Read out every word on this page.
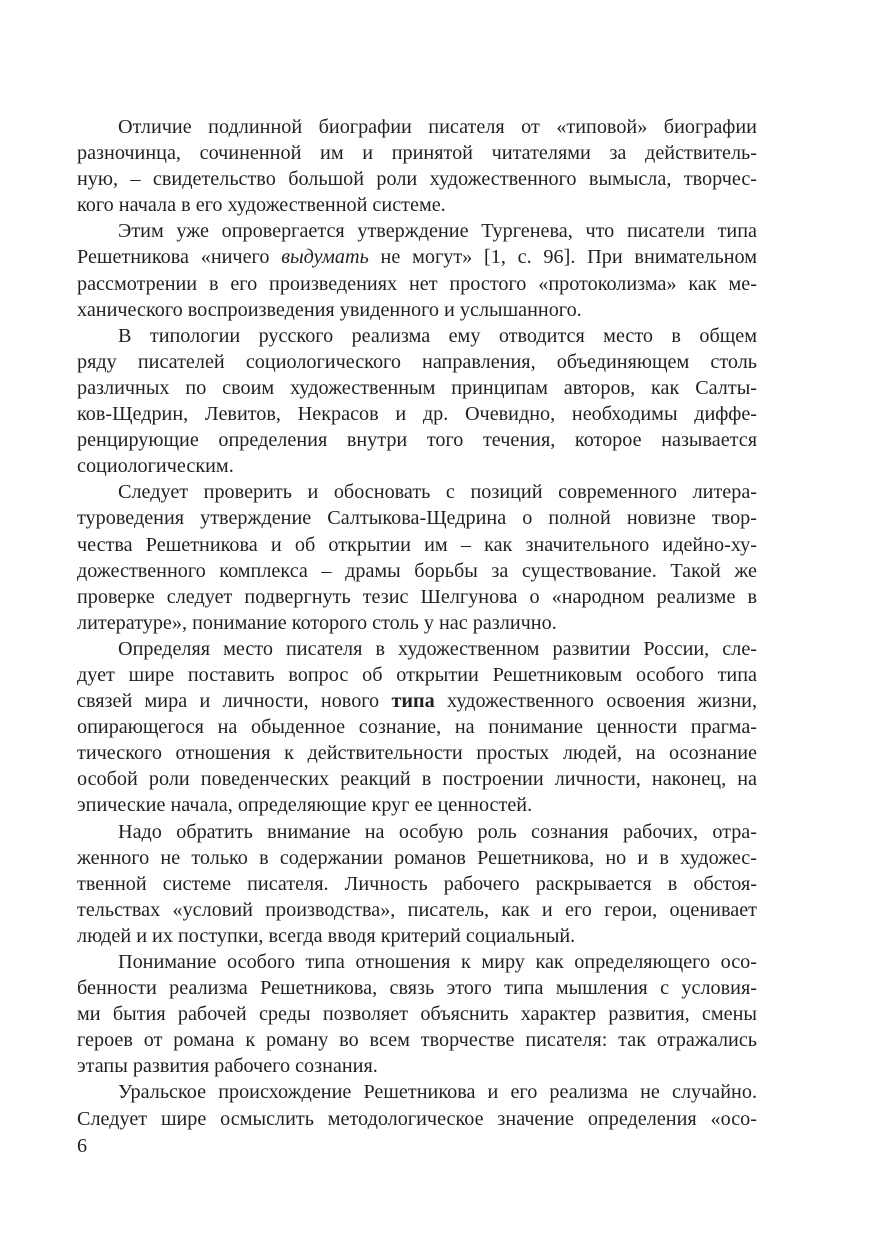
Отличие подлинной биографии писателя от «типовой» биографии
разночинца, сочиненной им и принятой читателями за действитель-
ную, – свидетельство большой роли художественного вымысла, творчес-
кого начала в его художественной системе.
Этим уже опровергается утверждение Тургенева, что писатели типа
Решетникова «ничего выдумать не могут» [1, с. 96]. При внимательном
рассмотрении в его произведениях нет простого «протоколизма» как ме-
ханического воспроизведения увиденного и услышанного.
В типологии русского реализма ему отводится место в общем
ряду писателей социологического направления, объединяющем столь
различных по своим художественным принципам авторов, как Салты-
ков-Щедрин, Левитов, Некрасов и др. Очевидно, необходимы диффе-
ренцирующие определения внутри того течения, которое называется
социологическим.
Следует проверить и обосновать с позиций современного литера-
туроведения утверждение Салтыкова-Щедрина о полной новизне твор-
чества Решетникова и об открытии им – как значительного идейно-ху-
дожественного комплекса – драмы борьбы за существование. Такой же
проверке следует подвергнуть тезис Шелгунова о «народном реализме в
литературе», понимание которого столь у нас различно.
Определяя место писателя в художественном развитии России, сле-
дует шире поставить вопрос об открытии Решетниковым особого типа
связей мира и личности, нового типа художественного освоения жизни,
опирающегося на обыденное сознание, на понимание ценности прагма-
тического отношения к действительности простых людей, на осознание
особой роли поведенческих реакций в построении личности, наконец, на
эпические начала, определяющие круг ее ценностей.
Надо обратить внимание на особую роль сознания рабочих, отра-
женного не только в содержании романов Решетникова, но и в художес-
твенной системе писателя. Личность рабочего раскрывается в обстоя-
тельствах «условий производства», писатель, как и его герои, оценивает
людей и их поступки, всегда вводя критерий социальный.
Понимание особого типа отношения к миру как определяющего осо-
бенности реализма Решетникова, связь этого типа мышления с условия-
ми бытия рабочей среды позволяет объяснить характер развития, смены
героев от романа к роману во всем творчестве писателя: так отражались
этапы развития рабочего сознания.
Уральское происхождение Решетникова и его реализма не случайно.
Следует шире осмыслить методологическое значение определения «осо-
6
